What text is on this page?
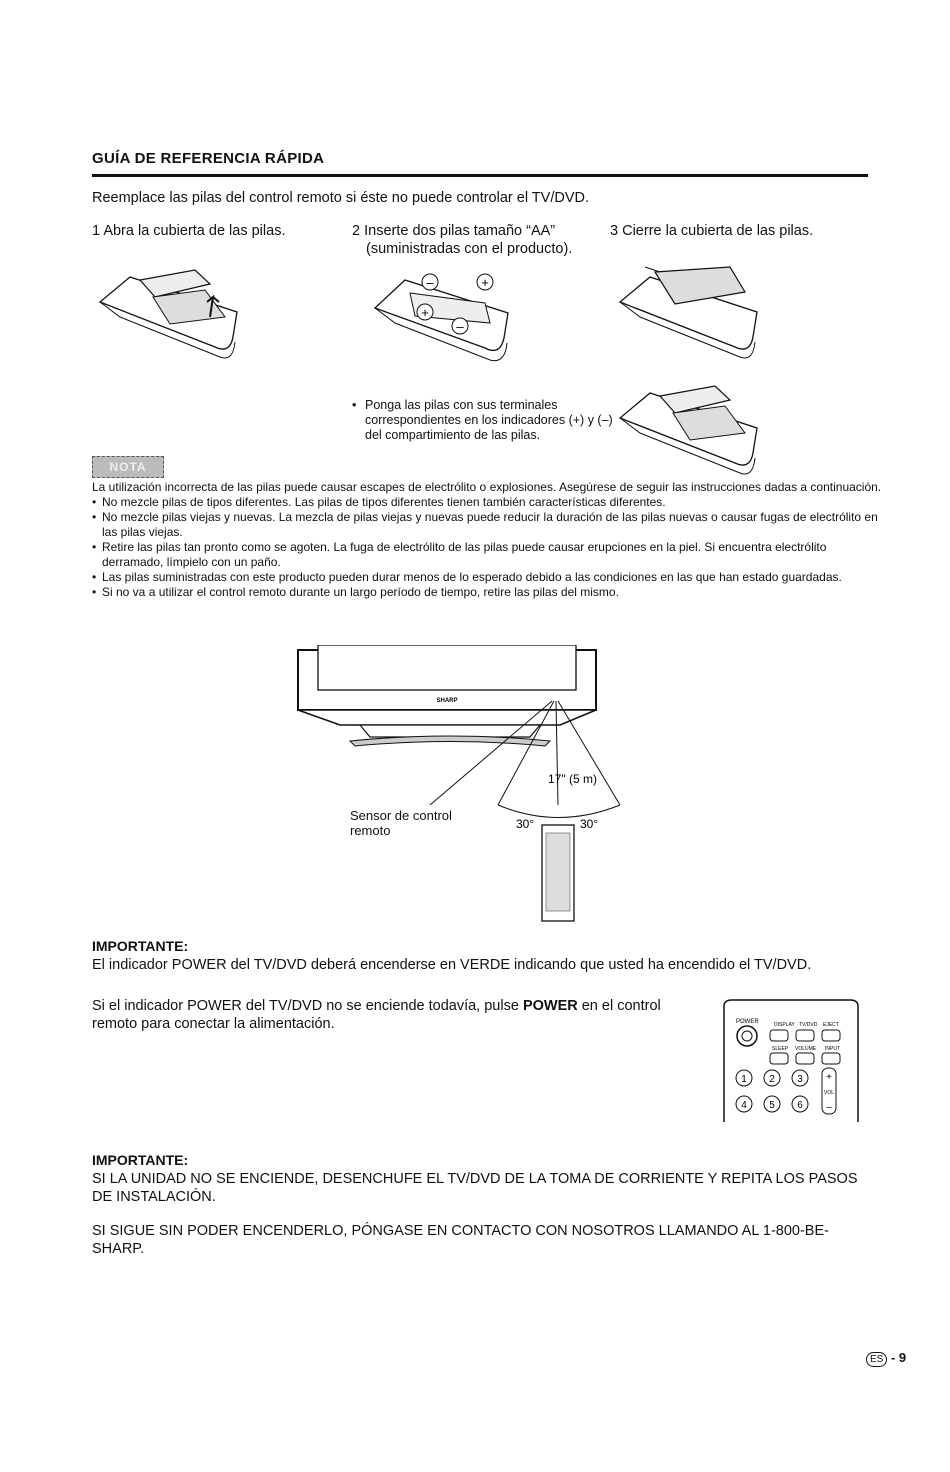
GUÍA DE REFERENCIA RÁPIDA
Reemplace las pilas del control remoto si éste no puede controlar el TV/DVD.
1 Abra la cubierta de las pilas.	2 Inserte dos pilas tamaño “AA”
(suministradas con el producto).
3 Cierre la cubierta de las pilas.
+
–
+
–
• Ponga las pilas con sus terminales correspondientes en los indicadores (+) y (–) del compartimiento de las pilas.
NOTA

La utilización incorrecta de las pilas puede causar escapes de electrólito o explosiones. Asegúrese de seguir las instrucciones dadas a continuación.

• No mezcle pilas de tipos diferentes. Las pilas de tipos diferentes tienen también características diferentes.
• No mezcle pilas viejas y nuevas. La mezcla de pilas viejas y nuevas puede reducir la duración de las pilas nuevas o causar fugas de electrólito en las pilas viejas.
• Retire las pilas tan pronto como se agoten. La fuga de electrólito de las pilas puede causar erupciones en la piel. Si encuentra electrólito derramado, límpielo con un paño.
• Las pilas suministradas con este producto pueden durar menos de lo esperado debido a las condiciones en las que han estado guardadas.
• Si no va a utilizar el control remoto durante un largo período de tiempo, retire las pilas del mismo.
SHARP
17" (5 m)
30°	30°
Sensor de control remoto
IMPORTANTE:
El indicador POWER del TV/DVD deberá encenderse en VERDE indicando que usted ha encendido el TV/DVD.
Si el indicador POWER del TV/DVD no se enciende todavía, pulse POWER en el control remoto para conectar la alimentación.	POWER	DISPLAY TV/DVD EJECT
SLEEP VOLUME INPUT
1 2 3
4 5 6
+
VOL
–
IMPORTANTE:
SI LA UNIDAD NO SE ENCIENDE, DESENCHUFE EL TV/DVD DE LA TOMA DE CORRIENTE Y REPITA LOS PASOS DE INSTALACIÓN.
SI SIGUE SIN PODER ENCENDERLO, PÓNGASE EN CONTACTO CON NOSOTROS LLAMANDO AL 1-800-BE-SHARP.
ES - 9
